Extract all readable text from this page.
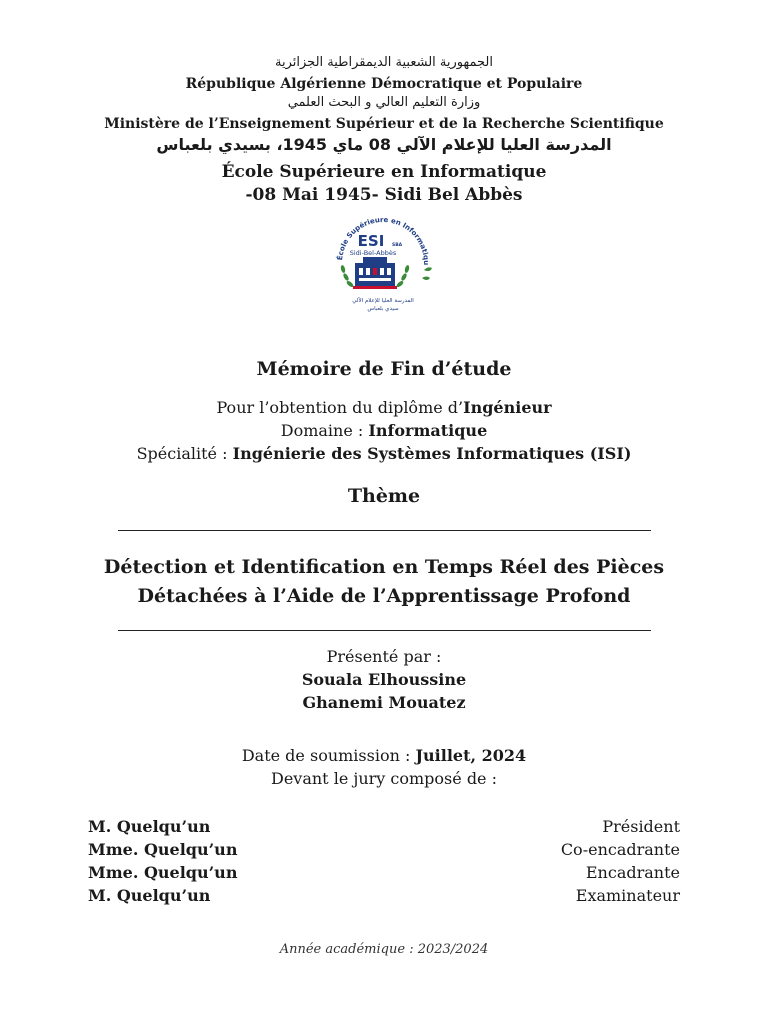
الجمهورية الشعبية الديمقراطية الجزائرية
République Algérienne Démocratique et Populaire
وزارة التعليم العالي و البحث العلمي
Ministère de l’Enseignement Supérieur et de la Recherche Scientifique
المدرسة العليا للإعلام الآلي 08 ماي 1945، بسيدي بلعباس
École Supérieure en Informatique
-08 Mai 1945- Sidi Bel Abbès
École Supérieure en Informatiqu
ESI SBA
Sidi-Bel-Abbès
المدرسة العليا للإعلام الآلي
سيدي بلعباس
Mémoire de Fin d’étude
Pour l’obtention du diplôme d’Ingénieur
Domaine : Informatique
Spécialité : Ingénierie des Systèmes Informatiques (ISI)
Thème
Détection et Identification en Temps Réel des Pièces
Détachées à l’Aide de l’Apprentissage Profond
Présenté par :
Souala Elhoussine
Ghanemi Mouatez
Date de soumission : Juillet, 2024
Devant le jury composé de :
M. Quelqu’un	Président
Mme. Quelqu’un	Co-encadrante
Mme. Quelqu’un	Encadrante
M. Quelqu’un	Examinateur
Année académique : 2023/2024
